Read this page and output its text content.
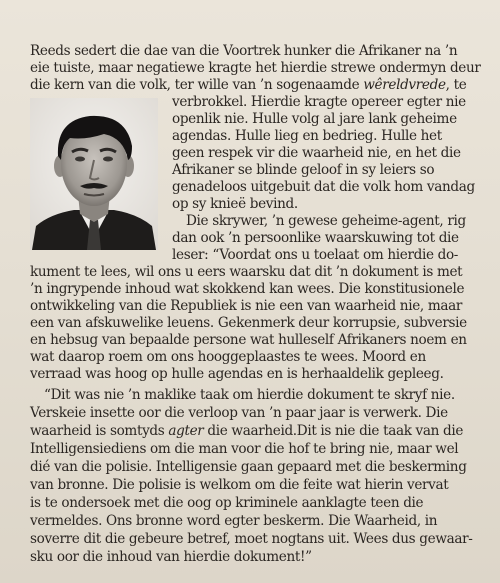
Reeds sedert die dae van die Voortrek hunker die Afrikaner na ’n
eie tuiste, maar negatiewe kragte het hierdie strewe ondermyn deur
die kern van die volk, ter wille van ’n sogenaamde wêreldvrede, te
verbrokkel. Hierdie kragte opereer egter nie
openlik nie. Hulle volg al jare lank geheime
agendas. Hulle lieg en bedrieg. Hulle het
geen respek vir die waarheid nie, en het die
Afrikaner se blinde geloof in sy leiers so
genadeloos uitgebuit dat die volk hom vandag
op sy knieë bevind.
Die skrywer, ’n gewese geheime-agent, rig
dan ook ’n persoonlike waarskuwing tot die
leser: “Voordat ons u toelaat om hierdie do-
kument te lees, wil ons u eers waarsku dat dit ’n dokument is met
’n ingrypende inhoud wat skokkend kan wees. Die konstitusionele
ontwikkeling van die Republiek is nie een van waarheid nie, maar
een van afskuwelike leuens. Gekenmerk deur korrupsie, subversie
en hebsug van bepaalde persone wat hulleself Afrikaners noem en
wat daarop roem om ons hooggeplaastes te wees. Moord en
verraad was hoog op hulle agendas en is herhaaldelik gepleeg.
“Dit was nie ’n maklike taak om hierdie dokument te skryf nie.
Verskeie insette oor die verloop van ’n paar jaar is verwerk. Die
waarheid is somtyds agter die waarheid.Dit is nie die taak van die
Intelligensiediens om die man voor die hof te bring nie, maar wel
dié van die polisie. Intelligensie gaan gepaard met die beskerming
van bronne. Die polisie is welkom om die feite wat hierin vervat
is te ondersoek met die oog op kriminele aanklagte teen die
vermeldes. Ons bronne word egter beskerm. Die Waarheid, in
soverre dit die gebeure betref, moet nogtans uit. Wees dus gewaar-
sku oor die inhoud van hierdie dokument!”
